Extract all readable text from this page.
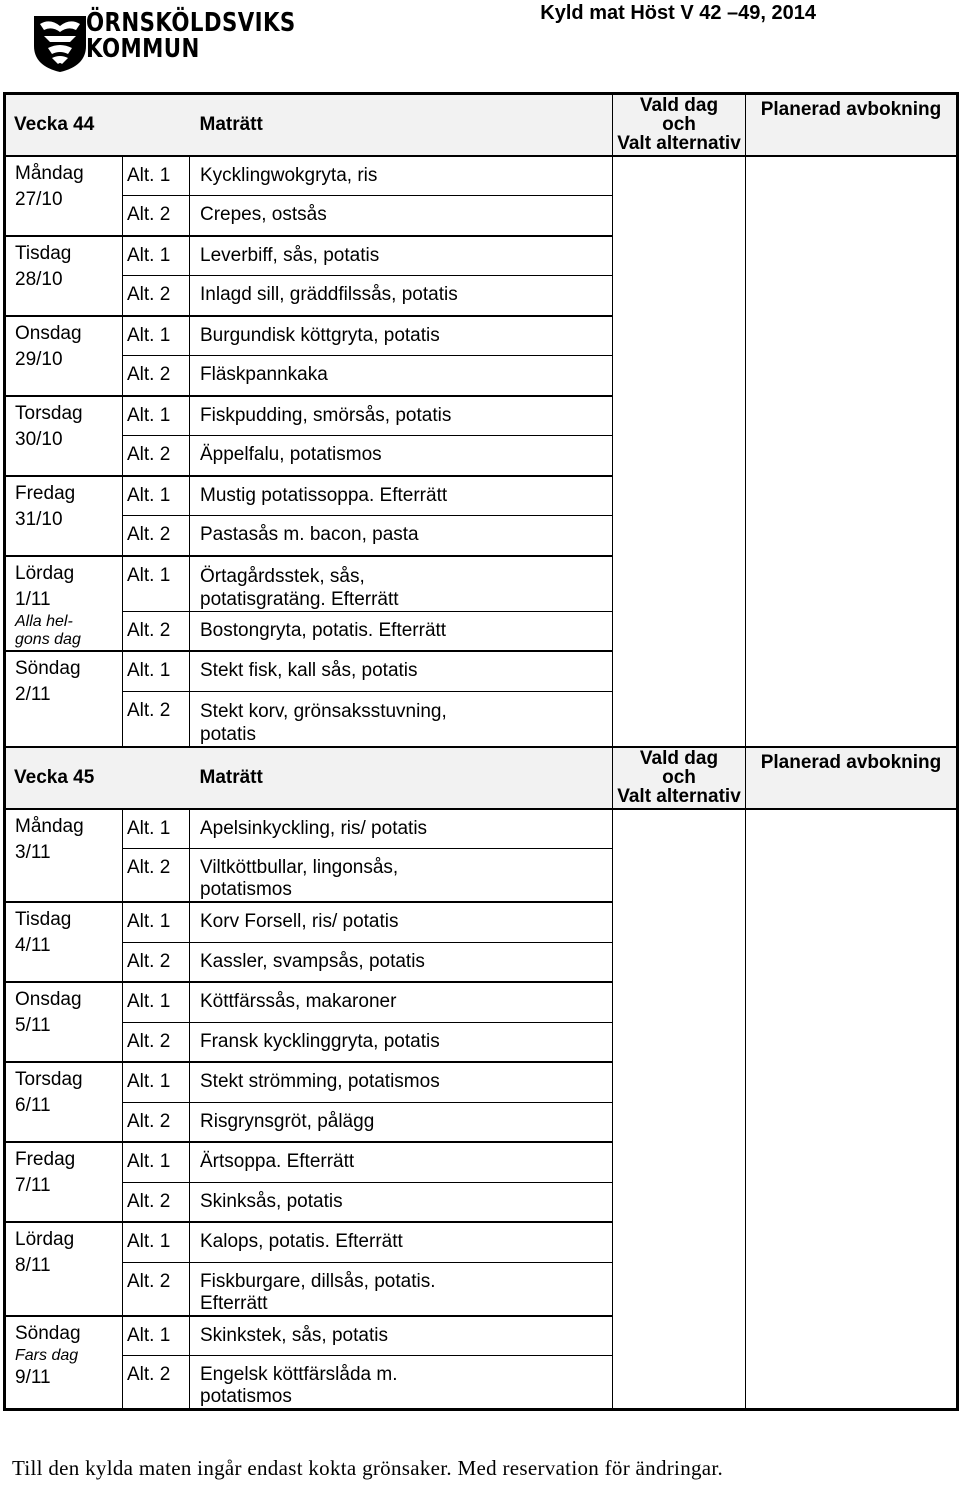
ÖRNSKÖLDSVIKS
KOMMUN
Kyld mat Höst V 42 –49, 2014
Vecka 44		Maträtt	Vald dag
och
Valt alternativ	Planerad avbokning

Måndag
27/10	Alt. 1	Kycklingwokgryta, ris		
	Alt. 2	Crepes, ostsås		

Tisdag
28/10	Alt. 1	Leverbiff, sås, potatis		
	Alt. 2	Inlagd sill, gräddfilssås, potatis		

Onsdag
29/10	Alt. 1	Burgundisk köttgryta, potatis		
	Alt. 2	Fläskpannkaka		

Torsdag
30/10	Alt. 1	Fiskpudding, smörsås, potatis		
	Alt. 2	Äppelfalu, potatismos		

Fredag
31/10	Alt. 1	Mustig potatissoppa. Efterrätt		
	Alt. 2	Pastasås m. bacon, pasta		

Lördag
1/11
Alla hel-
gons dag	Alt. 1	Örtagårdsstek, sås, potatisgratäng. Efterrätt		
	Alt. 2	Bostongryta, potatis. Efterrätt		

Söndag
2/11	Alt. 1	Stekt fisk, kall sås, potatis		
	Alt. 2	Stekt korv, grönsaksstuvning, potatis		
Vecka 45		Maträtt	Vald dag
och
Valt alternativ	Planerad avbokning

Måndag
3/11	Alt. 1	Apelsinkyckling, ris/ potatis		
	Alt. 2	Viltköttbullar, lingonsås, potatismos		

Tisdag
4/11	Alt. 1	Korv Forsell, ris/ potatis		
	Alt. 2	Kassler, svampsås, potatis		

Onsdag
5/11	Alt. 1	Köttfärssås, makaroner		
	Alt. 2	Fransk kycklinggryta, potatis		

Torsdag
6/11	Alt. 1	Stekt strömming, potatismos		
	Alt. 2	Risgrynsgröt, pålägg		

Fredag
7/11	Alt. 1	Ärtsoppa. Efterrätt		
	Alt. 2	Skinksås, potatis		

Lördag
8/11	Alt. 1	Kalops, potatis. Efterrätt		
	Alt. 2	Fiskburgare, dillsås, potatis. Efterrätt		

Söndag
Fars dag
9/11	Alt. 1	Skinkstek, sås, potatis		
	Alt. 2	Engelsk köttfärslåda m. potatismos		
Till den kylda maten ingår endast kokta grönsaker. Med reservation för ändringar.
